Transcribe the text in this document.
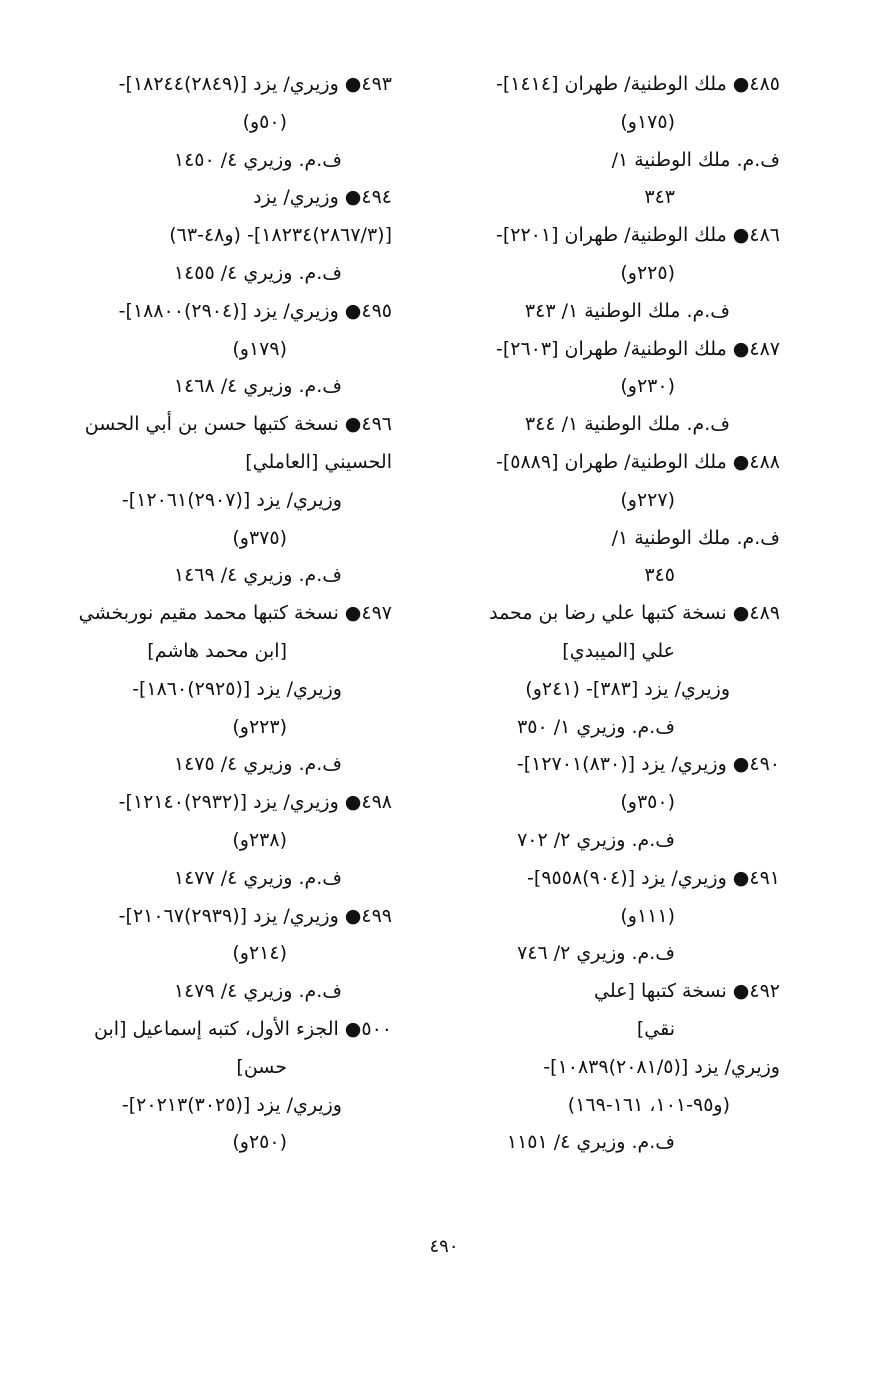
٤٨٥● ملك الوطنية/ طهران [١٤١٤]-
(١٧٥و)
ف.م. ملك الوطنية ١/
٣٤٣
٤٨٦● ملك الوطنية/ طهران [٢٢٠١]-
(٢٢٥و)
ف.م. ملك الوطنية ١/ ٣٤٣
٤٨٧● ملك الوطنية/ طهران [٢٦٠٣]-
(٢٣٠و)
ف.م. ملك الوطنية ١/ ٣٤٤
٤٨٨● ملك الوطنية/ طهران [٥٨٨٩]-
(٢٢٧و)
ف.م. ملك الوطنية ١/
٣٤٥
٤٨٩● نسخة كتبها علي رضا بن محمد
علي [الميبدي]
وزيري/ يزد [٣٨٣]- (٢٤١و)
ف.م. وزيري ١/ ٣٥٠
٤٩٠● وزيري/ يزد [(٨٣٠)١٢٧٠١]-
(٣٥٠و)
ف.م. وزيري ٢/ ٧٠٢
٤٩١● وزيري/ يزد [(٩٠٤)٩٥٥٨]-
(١١١و)
ف.م. وزيري ٢/ ٧٤٦
٤٩٢● نسخة كتبها [علي
نقي]
وزيري/ يزد [(٢٠٨١/٥)١٠٨٣٩]-
(و٩٥-١٠١، ١٦١-١٦٩)
ف.م. وزيري ٤/ ١١٥١
٤٩٣● وزيري/ يزد [(٢٨٤٩)١٨٢٤٤]-
(٥٠و)
ف.م. وزيري ٤/ ١٤٥٠
٤٩٤● وزيري/ يزد
[(٢٨٦٧/٣)١٨٢٣٤]- (و٤٨-٦٣)
ف.م. وزيري ٤/ ١٤٥٥
٤٩٥● وزيري/ يزد [(٢٩٠٤)١٨٨٠٠]-
(١٧٩و)
ف.م. وزيري ٤/ ١٤٦٨
٤٩٦● نسخة كتبها حسن بن أبي الحسن
الحسيني [العاملي]
وزيري/ يزد [(٢٩٠٧)١٢٠٦١]-
(٣٧٥و)
ف.م. وزيري ٤/ ١٤٦٩
٤٩٧● نسخة كتبها محمد مقيم نوربخشي
[ابن محمد هاشم]
وزيري/ يزد [(٢٩٢٥)١٨٦٠]-
(٢٢٣و)
ف.م. وزيري ٤/ ١٤٧٥
٤٩٨● وزيري/ يزد [(٢٩٣٢)١٢١٤٠]-
(٢٣٨و)
ف.م. وزيري ٤/ ١٤٧٧
٤٩٩● وزيري/ يزد [(٢٩٣٩)٢١٠٦٧]-
(٢١٤و)
ف.م. وزيري ٤/ ١٤٧٩
٥٠٠● الجزء الأول، كتبه إسماعيل [ابن
حسن]
وزيري/ يزد [(٣٠٢٥)٢٠٢١٣]-
(٢٥٠و)
٤٩٠
